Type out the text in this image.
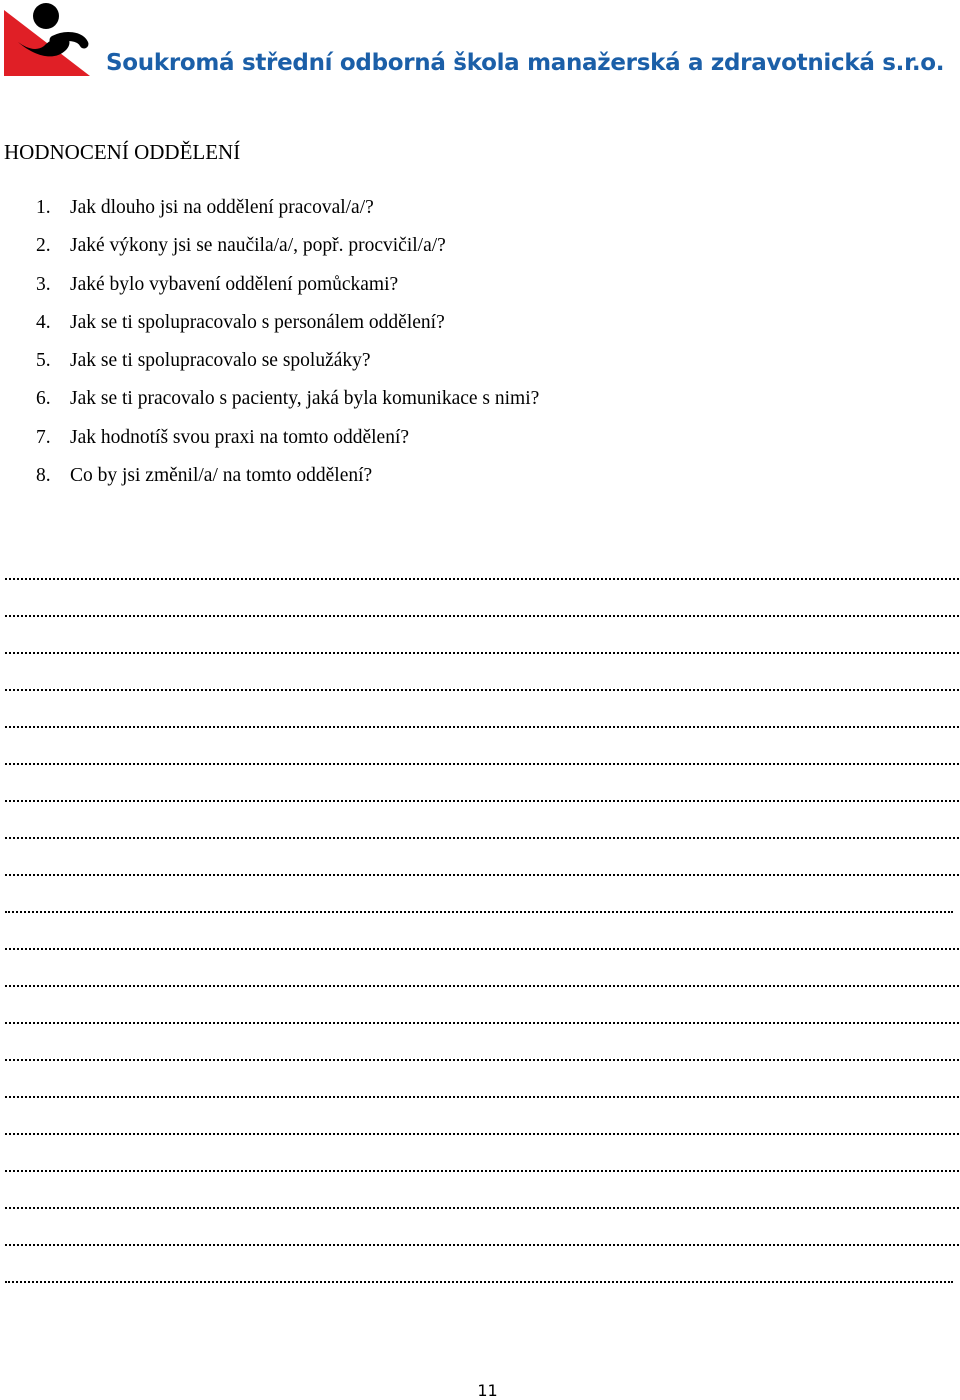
Soukromá střední odborná škola manažerská a zdravotnická s.r.o.
HODNOCENÍ ODDĚLENÍ
1. Jak dlouho jsi na oddělení pracoval/a/?
2. Jaké výkony jsi se naučila/a/, popř. procvičil/a/?
3. Jaké bylo vybavení oddělení pomůckami?
4. Jak se ti spolupracovalo s personálem oddělení?
5. Jak se ti spolupracovalo se spolužáky?
6. Jak se ti pracovalo s pacienty, jaká byla komunikace s nimi?
7. Jak hodnotíš svou praxi na tomto oddělení?
8. Co by jsi změnil/a/ na tomto oddělení?
11
